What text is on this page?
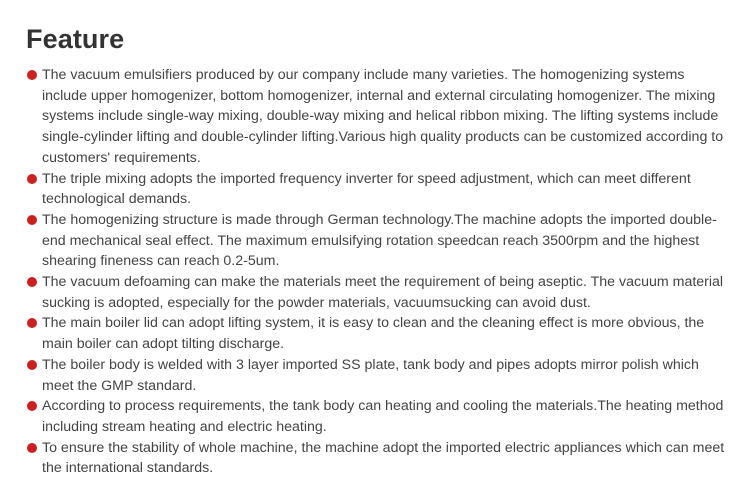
Feature
The vacuum emulsifiers produced by our company include many varieties. The homogenizing systems include upper homogenizer, bottom homogenizer, internal and external circulating homogenizer. The mixing systems include single-way mixing, double-way mixing and helical ribbon mixing. The lifting systems include single-cylinder lifting and double-cylinder lifting.Various high quality products can be customized according to customers' requirements.
The triple mixing adopts the imported frequency inverter for speed adjustment, which can meet different technological demands.
The homogenizing structure is made through German technology.The machine adopts the imported double-end mechanical seal effect. The maximum emulsifying rotation speedcan reach 3500rpm and the highest shearing fineness can reach 0.2-5um.
The vacuum defoaming can make the materials meet the requirement of being aseptic. The vacuum material sucking is adopted, especially for the powder materials, vacuumsucking can avoid dust.
The main boiler lid can adopt lifting system, it is easy to clean and the cleaning effect is more obvious, the main boiler can adopt tilting discharge.
The boiler body is welded with 3 layer imported SS plate, tank body and pipes adopts mirror polish which meet the GMP standard.
According to process requirements, the tank body can heating and cooling the materials.The heating method including stream heating and electric heating.
To ensure the stability of whole machine, the machine adopt the imported electric appliances which can meet the international standards.
